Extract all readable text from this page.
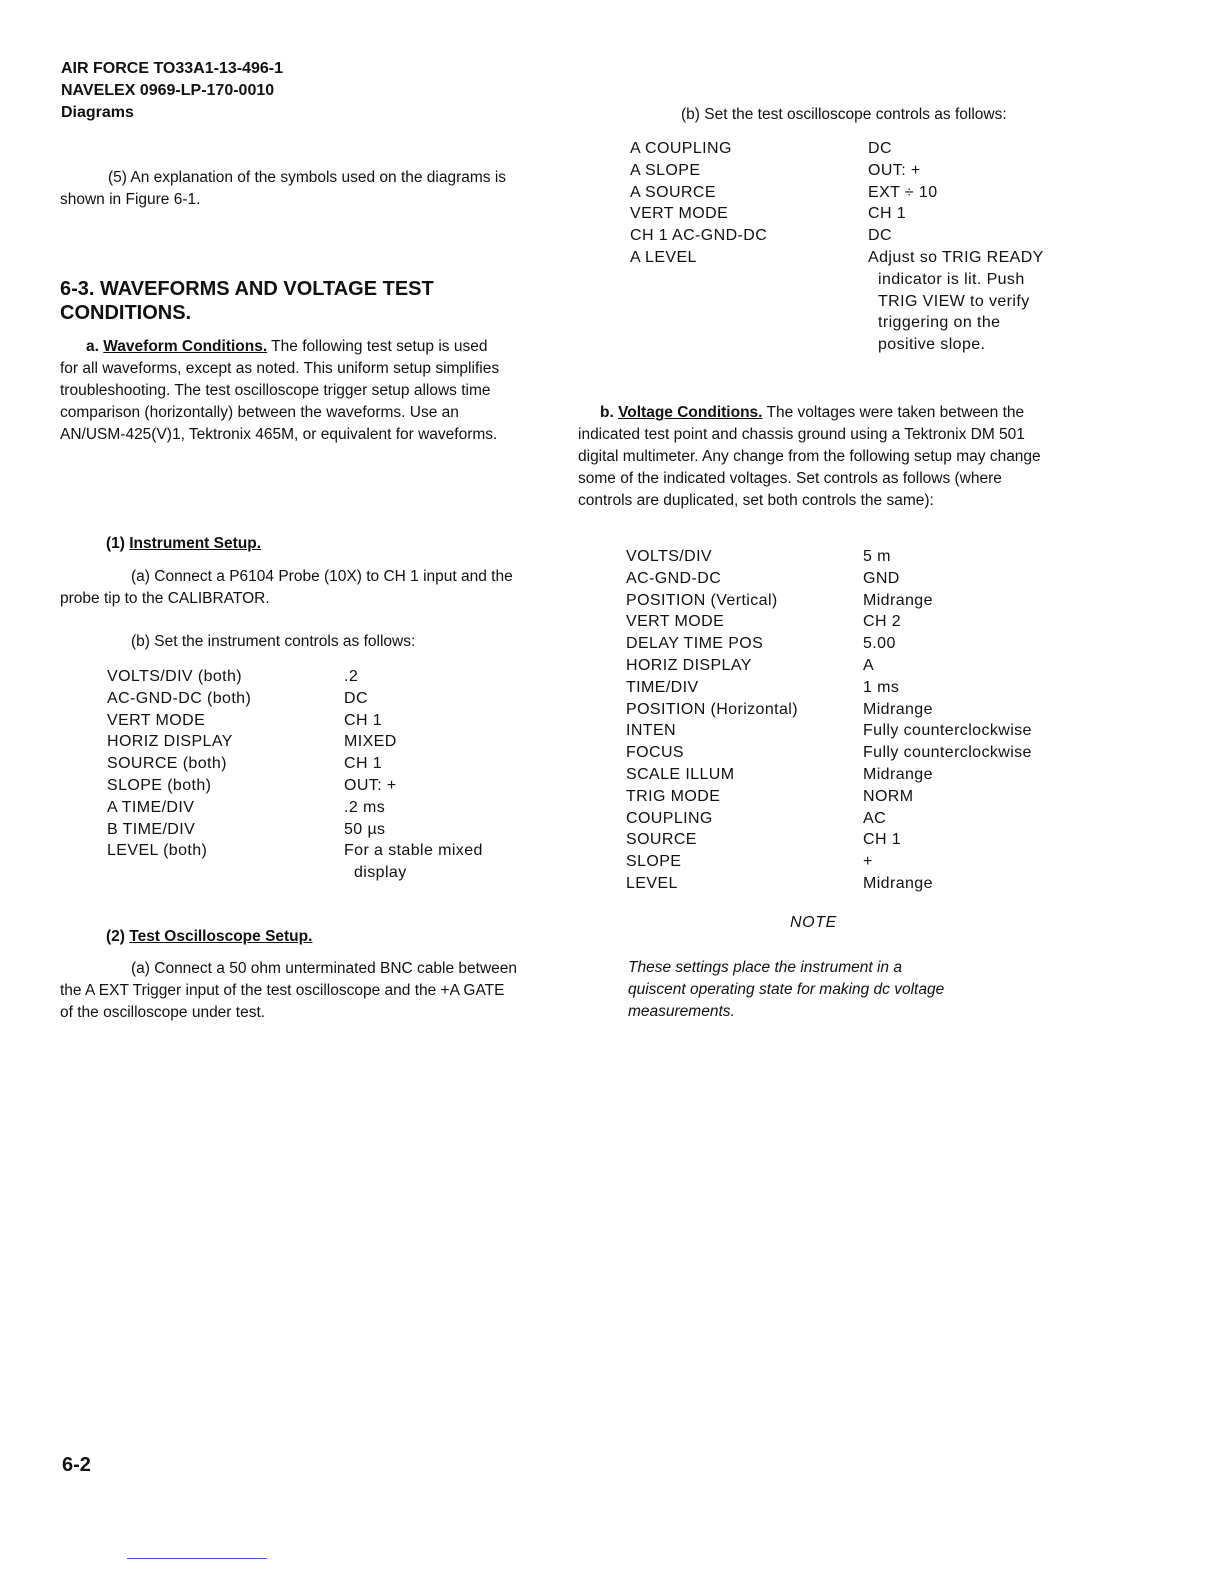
AIR FORCE TO33A1-13-496-1
NAVELEX 0969-LP-170-0010
Diagrams

(5) An explanation of the symbols used on the diagrams is shown in Figure 6-1.

6-3. WAVEFORMS AND VOLTAGE TEST CONDITIONS.

a. Waveform Conditions. The following test setup is used for all waveforms, except as noted. This uniform setup simplifies troubleshooting. The test oscilloscope trigger setup allows time comparison (horizontally) between the waveforms. Use an AN/USM-425(V)1, Tektronix 465M, or equivalent for waveforms.

(1) Instrument Setup.

(a) Connect a P6104 Probe (10X) to CH 1 input and the probe tip to the CALIBRATOR.

(b) Set the instrument controls as follows:

VOLTS/DIV (both)	.2
AC-GND-DC (both)	DC
VERT MODE	CH 1
HORIZ DISPLAY	MIXED
SOURCE (both)	CH 1
SLOPE (both)	OUT: +
A TIME/DIV	.2 ms
B TIME/DIV	50 µs
LEVEL (both)	For a stable mixed display
(2) Test Oscilloscope Setup.

(a) Connect a 50 ohm unterminated BNC cable between the A EXT Trigger input of the test oscilloscope and the +A GATE of the oscilloscope under test.

(b) Set the test oscilloscope controls as follows:

A COUPLING	DC
A SLOPE	OUT: +
A SOURCE	EXT ÷ 10
VERT MODE	CH 1
CH 1 AC-GND-DC	DC
A LEVEL	Adjust so TRIG READY indicator is lit. Push TRIG VIEW to verify triggering on the positive slope.

b. Voltage Conditions. The voltages were taken between the indicated test point and chassis ground using a Tektronix DM 501 digital multimeter. Any change from the following setup may change some of the indicated voltages. Set controls as follows (where controls are duplicated, set both controls the same):

VOLTS/DIV	5 m
AC-GND-DC	GND
POSITION (Vertical)	Midrange
VERT MODE	CH 2
DELAY TIME POS	5.00
HORIZ DISPLAY	A
TIME/DIV	1 ms
POSITION (Horizontal)	Midrange
INTEN	Fully counterclockwise
FOCUS	Fully counterclockwise
SCALE ILLUM	Midrange
TRIG MODE	NORM
COUPLING	AC
SOURCE	CH 1
SLOPE	+
LEVEL	Midrange
NOTE
These settings place the instrument in a quiscent operating state for making dc voltage measurements.
6-2
